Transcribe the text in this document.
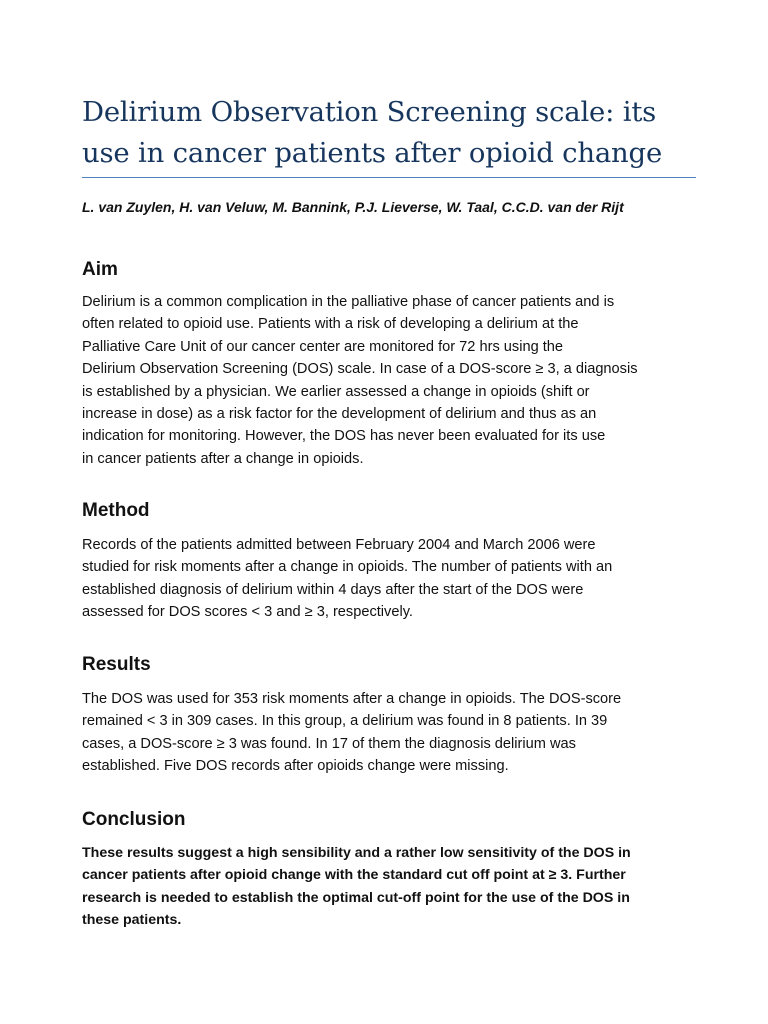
Delirium Observation Screening scale: its
use in cancer patients after opioid change

L. van Zuylen, H. van Veluw, M. Bannink, P.J. Lieverse, W. Taal, C.C.D. van der Rijt

Aim
Delirium is a common complication in the palliative phase of cancer patients and is
often related to opioid use. Patients with a risk of developing a delirium at the
Palliative Care Unit of our cancer center are monitored for 72 hrs using the
Delirium Observation Screening (DOS) scale. In case of a DOS-score ≥ 3, a diagnosis
is established by a physician. We earlier assessed a change in opioids (shift or
increase in dose) as a risk factor for the development of delirium and thus as an
indication for monitoring. However, the DOS has never been evaluated for its use
in cancer patients after a change in opioids.
Method
Records of the patients admitted between February 2004 and March 2006 were
studied for risk moments after a change in opioids. The number of patients with an
established diagnosis of delirium within 4 days after the start of the DOS were
assessed for DOS scores < 3 and ≥ 3, respectively.
Results
The DOS was used for 353 risk moments after a change in opioids. The DOS-score
remained < 3 in 309 cases. In this group, a delirium was found in 8 patients. In 39
cases, a DOS-score ≥ 3 was found. In 17 of them the diagnosis delirium was
established. Five DOS records after opioids change were missing.
Conclusion
These results suggest a high sensibility and a rather low sensitivity of the DOS in
cancer patients after opioid change with the standard cut off point at ≥ 3. Further
research is needed to establish the optimal cut-off point for the use of the DOS in
these patients.
